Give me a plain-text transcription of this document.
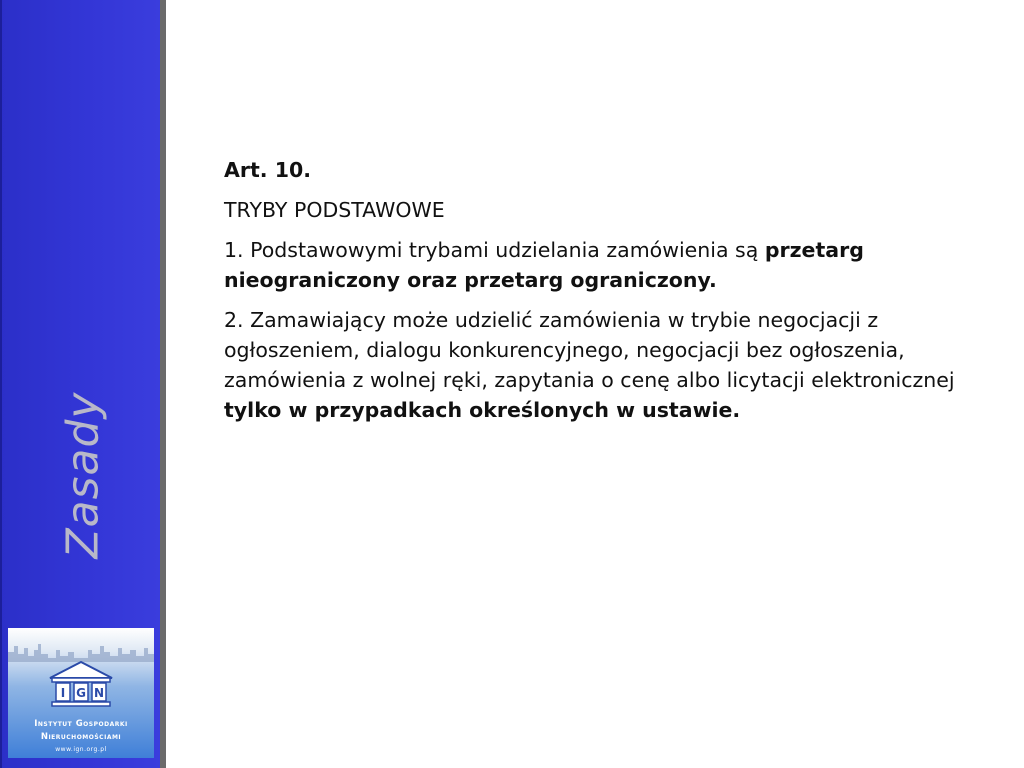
Zasady
I G N
Instytut Gospodarki
Nieruchomościami
www.ign.org.pl

Art. 10.

TRYBY PODSTAWOWE

1. Podstawowymi trybami udzielania zamówienia są przetarg nieograniczony oraz przetarg ograniczony.

2. Zamawiający może udzielić zamówienia w trybie negocjacji z ogłoszeniem, dialogu konkurencyjnego, negocjacji bez ogłoszenia, zamówienia z wolnej ręki, zapytania o cenę albo licytacji elektronicznej tylko w przypadkach określonych w ustawie.
